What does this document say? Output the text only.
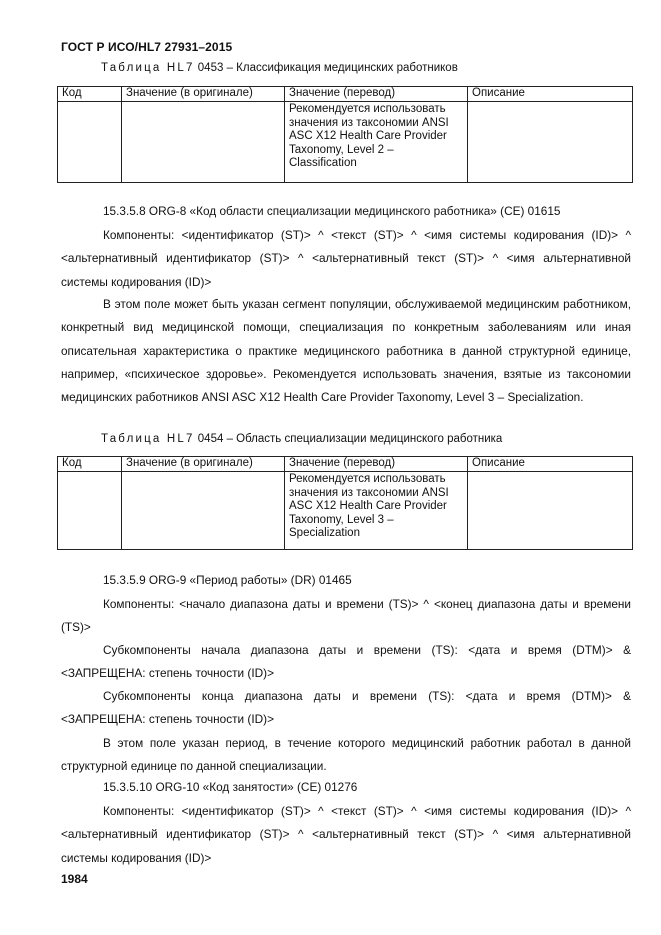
ГОСТ Р ИСО/HL7 27931–2015
Таблица HL7 0453 – Классификация медицинских работников
Код	Значение (в оригинале)	Значение (перевод)	Описание
		Рекомендуется использовать значения из таксономии ANSI ASC X12 Health Care Provider Taxonomy, Level 2 – Classification	
15.3.5.8 ORG-8 «Код области специализации медицинского работника» (CE) 01615
Компоненты: <идентификатор (ST)> ^ <текст (ST)> ^ <имя системы кодирования (ID)> ^ <альтернативный идентификатор (ST)> ^ <альтернативный текст (ST)> ^ <имя альтернативной системы кодирования (ID)>
В этом поле может быть указан сегмент популяции, обслуживаемой медицинским работником, конкретный вид медицинской помощи, специализация по конкретным заболеваниям или иная описательная характеристика о практике медицинского работника в данной структурной единице, например, «психическое здоровье». Рекомендуется использовать значения, взятые из таксономии медицинских работников ANSI ASC X12 Health Care Provider Taxonomy, Level 3 – Specialization.
Таблица HL7 0454 – Область специализации медицинского работника
Код	Значение (в оригинале)	Значение (перевод)	Описание
		Рекомендуется использовать значения из таксономии ANSI ASC X12 Health Care Provider Taxonomy, Level 3 – Specialization	
15.3.5.9 ORG-9 «Период работы» (DR) 01465
Компоненты: <начало диапазона даты и времени (TS)> ^ <конец диапазона даты и времени (TS)>
Субкомпоненты начала диапазона даты и времени (TS): <дата и время (DTM)> & <ЗАПРЕЩЕНА: степень точности (ID)>
Субкомпоненты конца диапазона даты и времени (TS): <дата и время (DTM)> & <ЗАПРЕЩЕНА: степень точности (ID)>
В этом поле указан период, в течение которого медицинский работник работал в данной структурной единице по данной специализации.
15.3.5.10 ORG-10 «Код занятости» (CE) 01276
Компоненты: <идентификатор (ST)> ^ <текст (ST)> ^ <имя системы кодирования (ID)> ^ <альтернативный идентификатор (ST)> ^ <альтернативный текст (ST)> ^ <имя альтернативной системы кодирования (ID)>
1984
